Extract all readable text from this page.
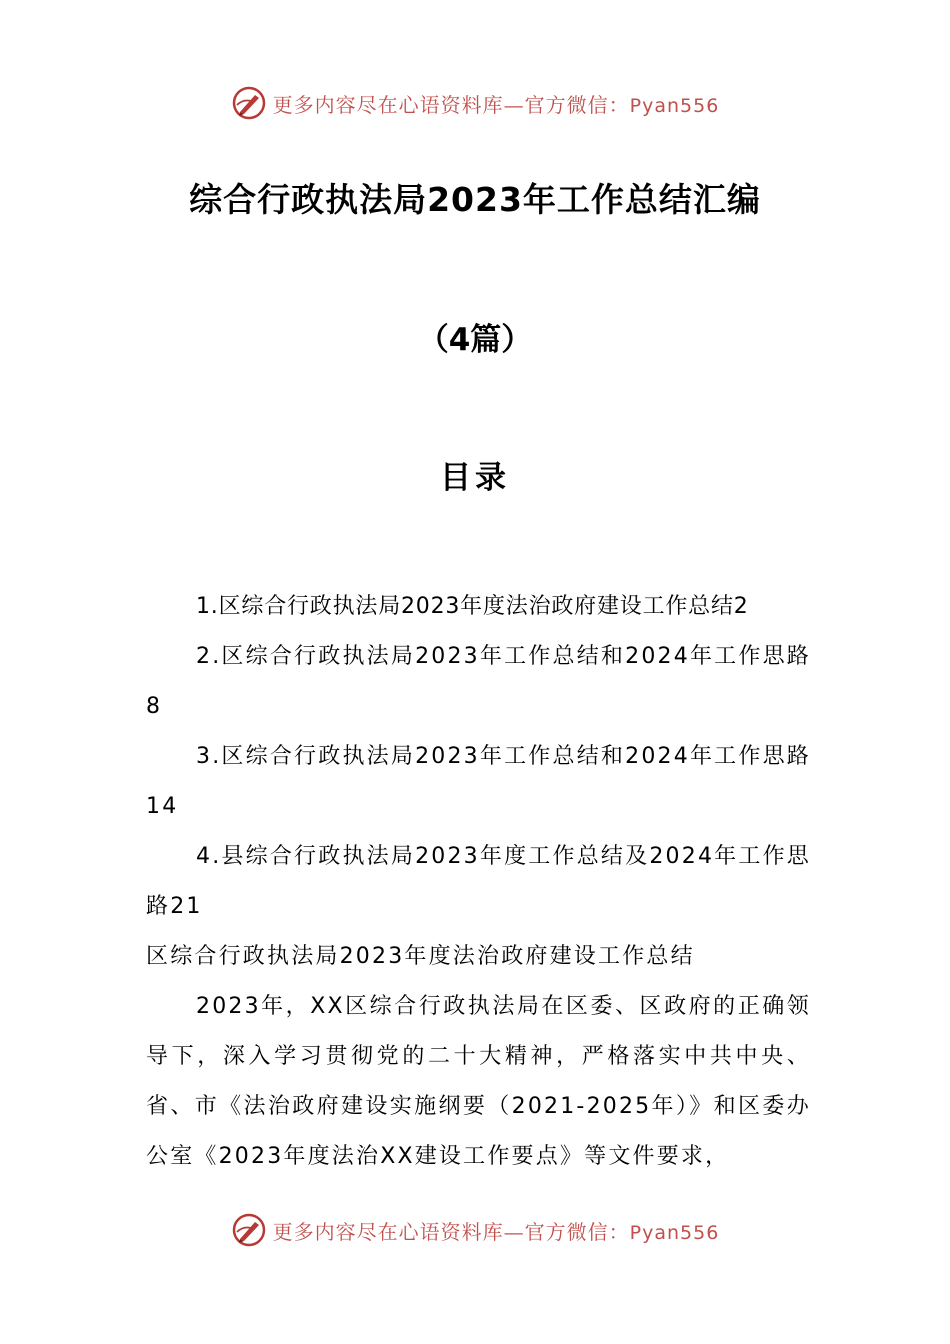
更多内容尽在心语资料库—官方微信：Pyan556
综合行政执法局2023年工作总结汇编
（4篇）
目录

1.区综合行政执法局2023年度法治政府建设工作总结2

2.区综合行政执法局2023年工作总结和2024年工作思路8

3.区综合行政执法局2023年工作总结和2024年工作思路14

4.县综合行政执法局2023年度工作总结及2024年工作思路21

区综合行政执法局2023年度法治政府建设工作总结

2023年，XX区综合行政执法局在区委、区政府的正确领导下，深入学习贯彻党的二十大精神，严格落实中共中央、省、市《法治政府建设实施纲要（2021-2025年）》和区委办公室《2023年度法治XX建设工作要点》等文件要求，

更多内容尽在心语资料库—官方微信：Pyan556
